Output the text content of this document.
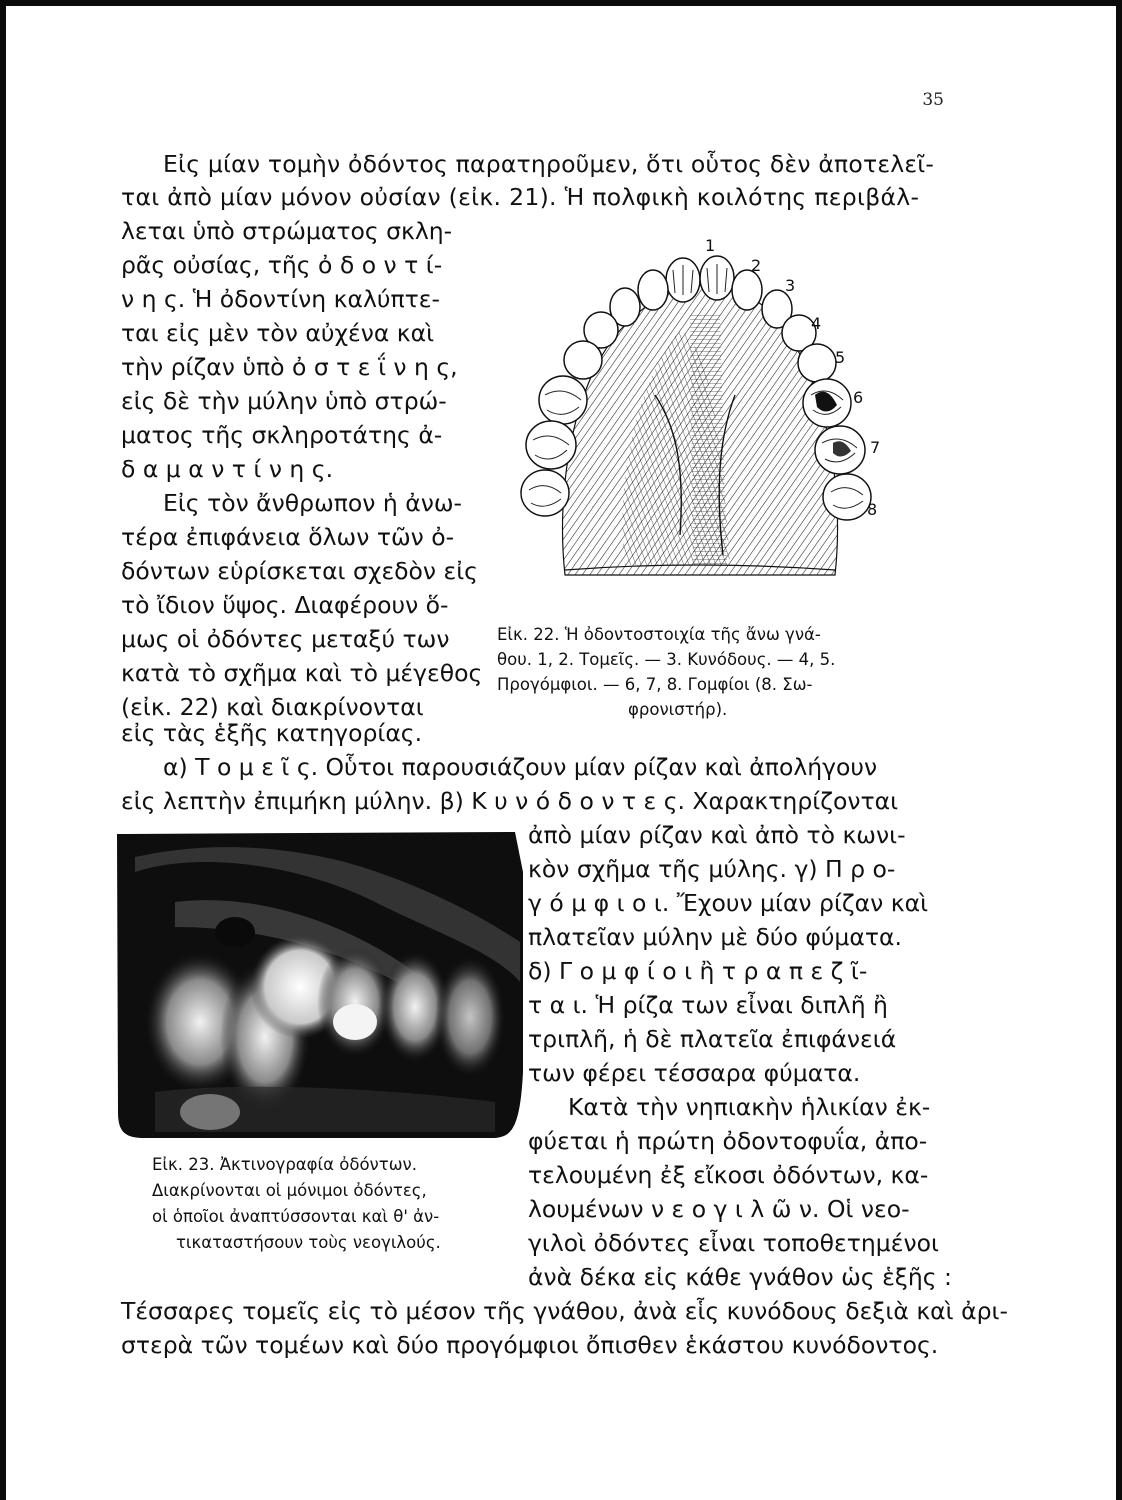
35
Εἰς μίαν τομὴν ὀδόντος παρατηροῦμεν, ὅτι οὗτος δὲν ἀποτελεῖ-
ται ἀπὸ μίαν μόνον οὐσίαν (εἰκ. 21). Ἡ πολφικὴ κοιλότης περιβάλ-
λεται ὑπὸ στρώματος σκλη-
ρᾶς οὐσίας, τῆς ὀ δ ο ν τ ί-
ν η ς. Ἡ ὀδοντίνη καλύπτε-
ται εἰς μὲν τὸν αὐχένα καὶ
τὴν ρίζαν ὑπὸ ὀ σ τ ε ΐ ν η ς,
εἰς δὲ τὴν μύλην ὑπὸ στρώ-
ματος τῆς σκληροτάτης ἀ-
δ α μ α ν τ ί ν η ς.
Εἰς τὸν ἄνθρωπον ἡ ἀνω-
τέρα ἐπιφάνεια ὅλων τῶν ὀ-
δόντων εὑρίσκεται σχεδὸν εἰς
τὸ ἴδιον ὕψος. Διαφέρουν ὅ-
μως οἱ ὀδόντες μεταξύ των
κατὰ τὸ σχῆμα καὶ τὸ μέγεθος
(εἰκ. 22) καὶ διακρίνονται
εἰς τὰς ἑξῆς κατηγορίας.
α) Τ ο μ ε ῖ ς. Οὗτοι παρουσιάζουν μίαν ρίζαν καὶ ἀπολήγουν
εἰς λεπτὴν ἐπιμήκη μύλην. β) Κ υ ν ό δ ο ν τ ε ς. Χαρακτηρίζονται
ἀπὸ μίαν ρίζαν καὶ ἀπὸ τὸ κωνι-
κὸν σχῆμα τῆς μύλης. γ) Π ρ ο-
γ ό μ φ ι ο ι. Ἔχουν μίαν ρίζαν καὶ
πλατεῖαν μύλην μὲ δύο φύματα.
δ) Γ ο μ φ ί ο ι ἢ τ ρ α π ε ζ ῖ-
τ α ι. Ἡ ρίζα των εἶναι διπλῆ ἢ
τριπλῆ, ἡ δὲ πλατεῖα ἐπιφάνειά
των φέρει τέσσαρα φύματα.
Κατὰ τὴν νηπιακὴν ἡλικίαν ἐκ-
φύεται ἡ πρώτη ὀδοντοφυΐα, ἀπο-
τελουμένη ἐξ εἴκοσι ὀδόντων, κα-
λουμένων ν ε ο γ ι λ ῶ ν. Οἱ νεο-
γιλοὶ ὀδόντες εἶναι τοποθετημένοι
ἀνὰ δέκα εἰς κάθε γνάθον ὡς ἑξῆς :
Τέσσαρες τομεῖς εἰς τὸ μέσον τῆς γνάθου, ἀνὰ εἷς κυνόδους δεξιὰ καὶ ἀρι-
στερὰ τῶν τομέων καὶ δύο προγόμφιοι ὄπισθεν ἑκάστου κυνόδοντος.
1
2
3
4
5
6
7
8
Εἰκ. 22. Ἡ ὀδοντοστοιχία τῆς ἄνω γνά-
θου. 1, 2. Τομεῖς. — 3. Κυνόδους. — 4, 5.
Προγόμφιοι. — 6, 7, 8. Γομφίοι (8. Σω-
φρονιστήρ).
Εἰκ. 23. Ἀκτινογραφία ὀδόντων.
Διακρίνονται οἱ μόνιμοι ὀδόντες,
οἱ ὁποῖοι ἀναπτύσσονται καὶ θ' ἀν-
τικαταστήσουν τοὺς νεογιλούς.
